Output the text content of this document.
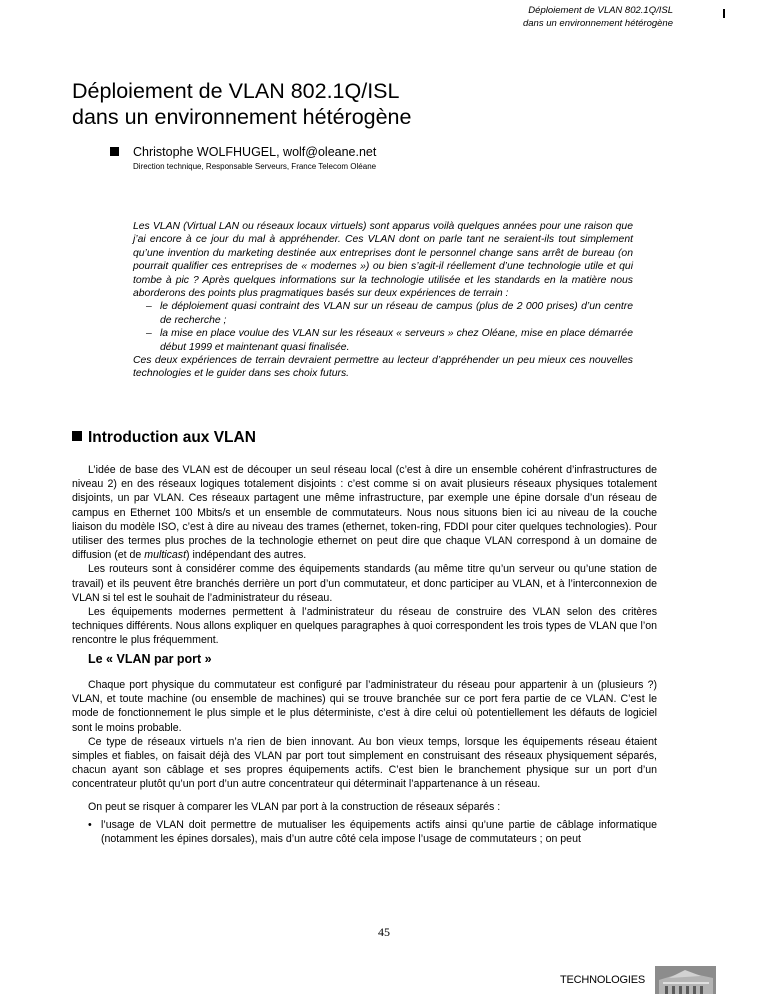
Déploiement de VLAN 802.1Q/ISL
dans un environnement hétérogène
Déploiement de VLAN 802.1Q/ISL
dans un environnement hétérogène
Christophe WOLFHUGEL, wolf@oleane.net
Direction technique, Responsable Serveurs, France Telecom Oléane

Les VLAN (Virtual LAN ou réseaux locaux virtuels) sont apparus voilà quelques années pour une raison que j’ai encore à ce jour du mal à appréhender. Ces VLAN dont on parle tant ne seraient-ils tout simplement qu’une invention du marketing destinée aux entreprises dont le personnel change sans arrêt de bureau (on pourrait qualifier ces entreprises de « modernes ») ou bien s’agit-il réellement d’une technologie utile et qui tombe à pic ? Après quelques informations sur la technologie utilisée et les standards en la matière nous aborderons des points plus pragmatiques basés sur deux expériences de terrain :

– le déploiement quasi contraint des VLAN sur un réseau de campus (plus de 2 000 prises) d’un centre de recherche ;
– la mise en place voulue des VLAN sur les réseaux « serveurs » chez Oléane, mise en place démarrée début 1999 et maintenant quasi finalisée.

Ces deux expériences de terrain devraient permettre au lecteur d’appréhender un peu mieux ces nouvelles technologies et le guider dans ses choix futurs.

Introduction aux VLAN

L’idée de base des VLAN est de découper un seul réseau local (c’est à dire un ensemble cohérent d’infrastructures de niveau 2) en des réseaux logiques totalement disjoints : c’est comme si on avait plusieurs réseaux physiques totalement disjoints, un par VLAN. Ces réseaux partagent une même infrastructure, par exemple une épine dorsale d’un réseau de campus en Ethernet 100 Mbits/s et un ensemble de commutateurs. Nous nous situons bien ici au niveau de la couche liaison du modèle ISO, c’est à dire au niveau des trames (ethernet, token-ring, FDDI pour citer quelques technologies). Pour utiliser des termes plus proches de la technologie ethernet on peut dire que chaque VLAN correspond à un domaine de diffusion (et de multicast) indépendant des autres.

Les routeurs sont à considérer comme des équipements standards (au même titre qu’un serveur ou qu’une station de travail) et ils peuvent être branchés derrière un port d’un commutateur, et donc participer au VLAN, et à l’interconnexion de VLAN si tel est le souhait de l’administrateur du réseau.

Les équipements modernes permettent à l’administrateur du réseau de construire des VLAN selon des critères techniques différents. Nous allons expliquer en quelques paragraphes à quoi correspondent les trois types de VLAN que l’on rencontre le plus fréquemment.

Le « VLAN par port »

Chaque port physique du commutateur est configuré par l’administrateur du réseau pour appartenir à un (plusieurs ?) VLAN, et toute machine (ou ensemble de machines) qui se trouve branchée sur ce port fera partie de ce VLAN. C’est le mode de fonctionnement le plus simple et le plus déterministe, c’est à dire celui où potentiellement les défauts de logiciel sont le moins probable.

Ce type de réseaux virtuels n’a rien de bien innovant. Au bon vieux temps, lorsque les équipements réseau étaient simples et fiables, on faisait déjà des VLAN par port tout simplement en construisant des réseaux physiquement séparés, chacun ayant son câblage et ses propres équipements actifs. C’est bien le branchement physique sur un port d’un concentrateur plutôt qu’un port d’un autre concentrateur qui déterminait l’appartenance à un réseau.

On peut se risquer à comparer les VLAN par port à la construction de réseaux séparés :

• l’usage de VLAN doit permettre de mutualiser les équipements actifs ainsi qu’une partie de câblage informatique (notamment les épines dorsales), mais d’un autre côté cela impose l’usage de commutateurs ; on peut
45
TECHNOLOGIES
